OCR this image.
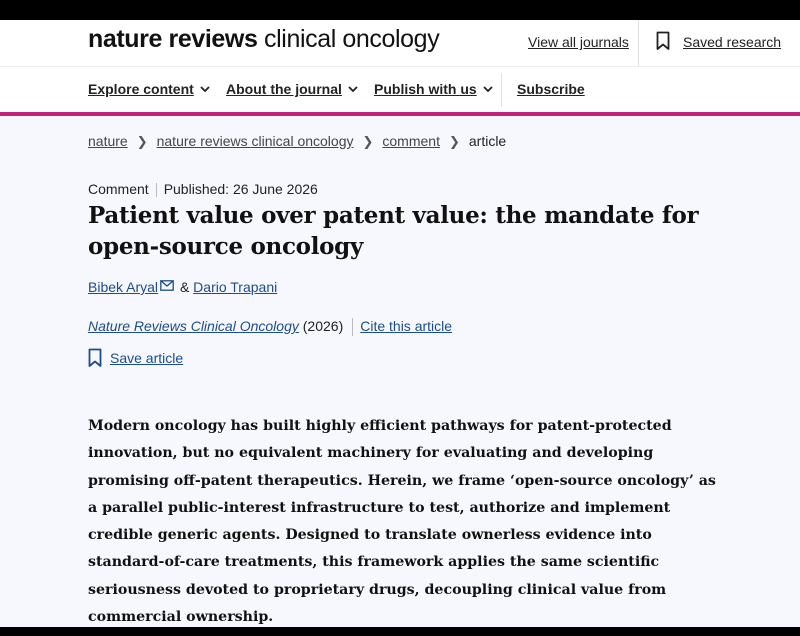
nature reviews clinical oncology	View all journals	Saved research
Explore content	About the journal	Publish with us	Subscribe
nature ❯ nature reviews clinical oncology ❯ comment ❯ article
Comment Published: 26 June 2026
Patient value over patent value: the mandate for open-source oncology
Bibek Aryal & Dario Trapani
Nature Reviews Clinical Oncology (2026) Cite this article
Save article

Modern oncology has built highly efficient pathways for patent-protected innovation, but no equivalent machinery for evaluating and developing promising off-patent therapeutics. Herein, we frame ‘open-source oncology’ as a parallel public-interest infrastructure to test, authorize and implement credible generic agents. Designed to translate ownerless evidence into standard-of-care treatments, this framework applies the same scientific seriousness devoted to proprietary drugs, decoupling clinical value from commercial ownership.
